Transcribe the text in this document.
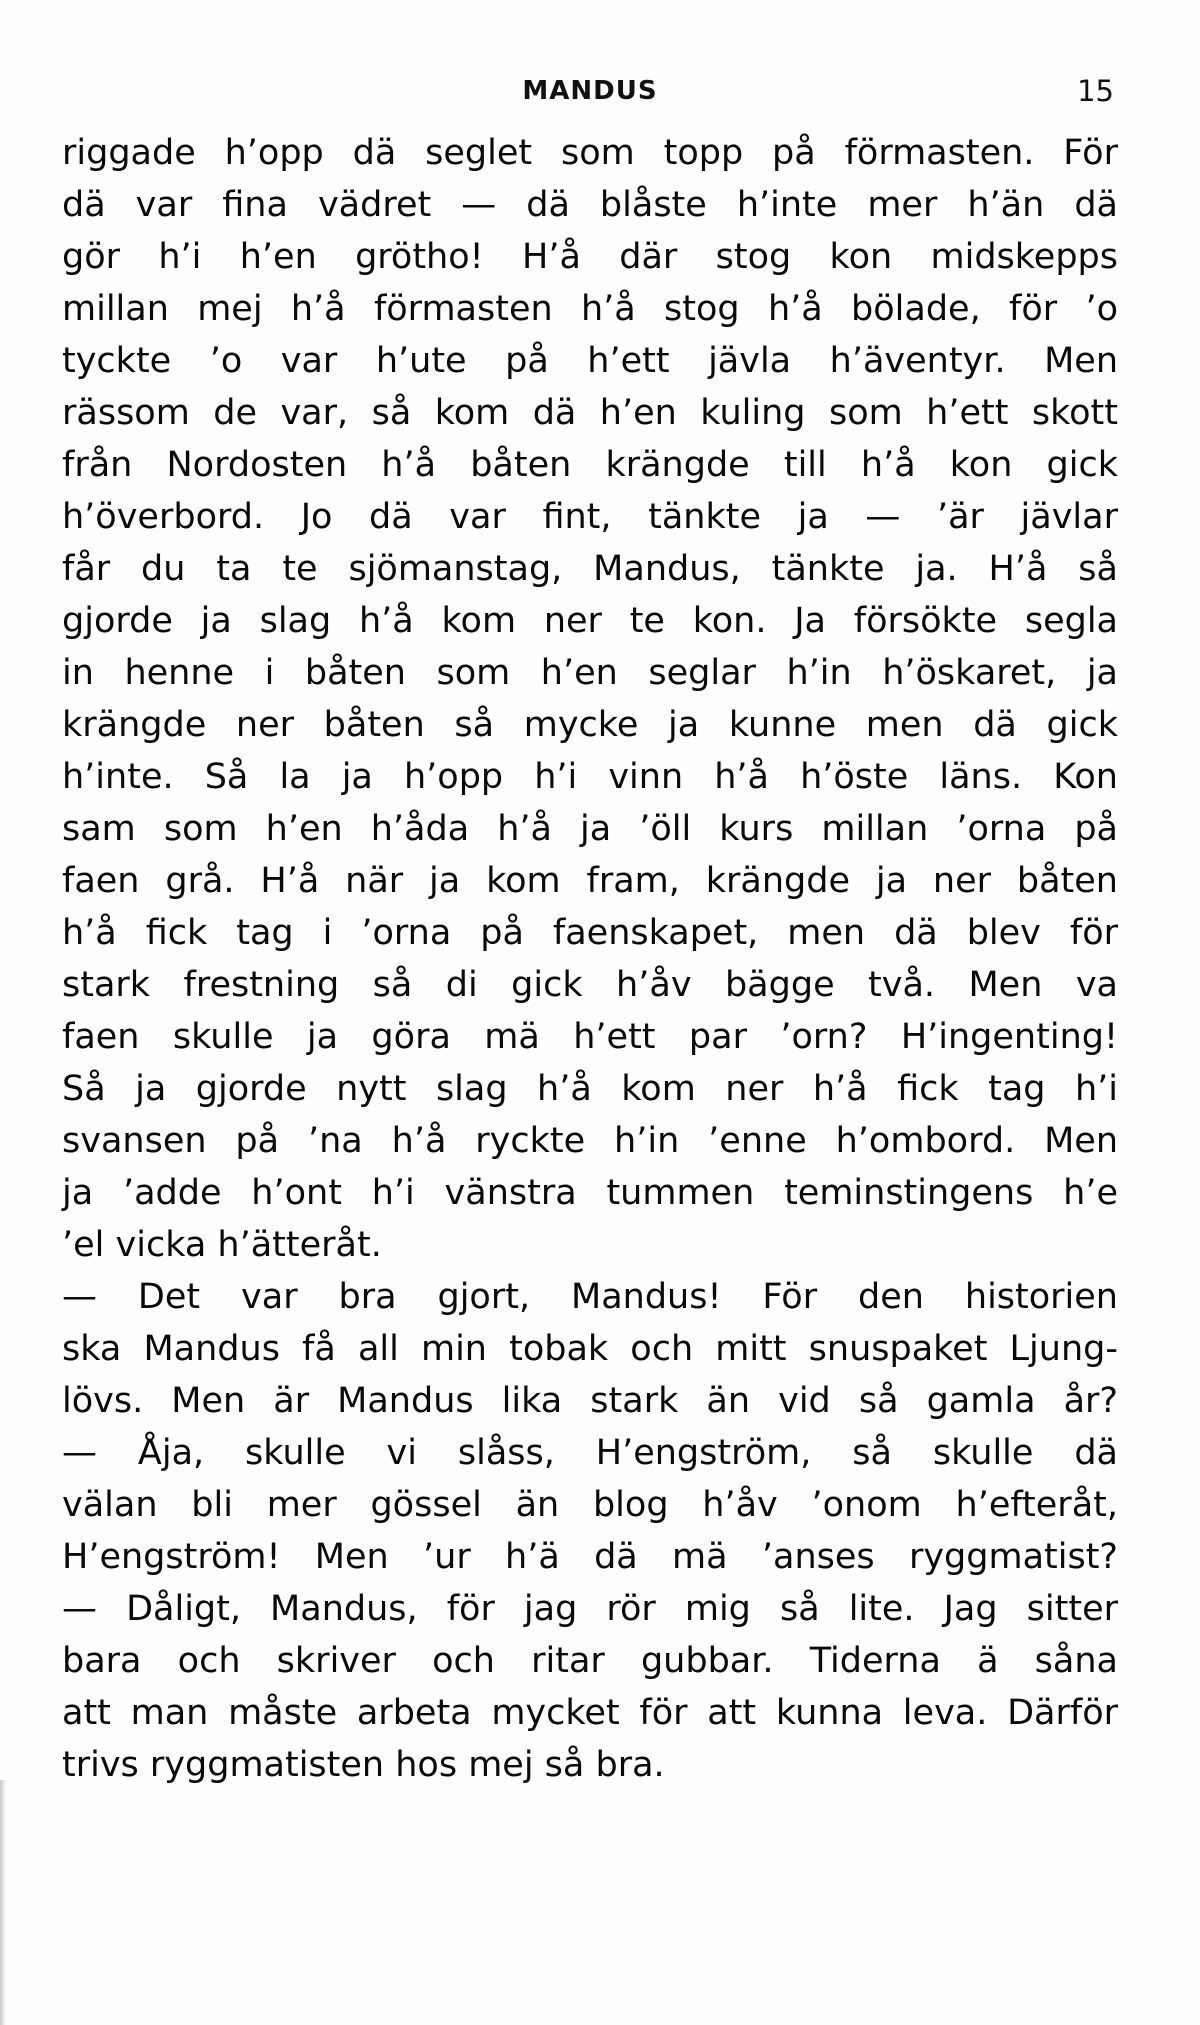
MANDUS	15
riggade h’opp dä seglet som topp på förmasten. För
dä var fina vädret — dä blåste h’inte mer h’än dä
gör h’i h’en grötho! H’å där stog kon midskepps
millan mej h’å förmasten h’å stog h’å bölade, för ’o
tyckte ’o var h’ute på h’ett jävla h’äventyr. Men
rässom de var, så kom dä h’en kuling som h’ett skott
från Nordosten h’å båten krängde till h’å kon gick
h’överbord. Jo dä var fint, tänkte ja — ’är jävlar
får du ta te sjömanstag, Mandus, tänkte ja. H’å så
gjorde ja slag h’å kom ner te kon. Ja försökte segla
in henne i båten som h’en seglar h’in h’öskaret, ja
krängde ner båten så mycke ja kunne men dä gick
h’inte. Så la ja h’opp h’i vinn h’å h’öste läns. Kon
sam som h’en h’åda h’å ja ’öll kurs millan ’orna på
faen grå. H’å när ja kom fram, krängde ja ner båten
h’å fick tag i ’orna på faenskapet, men dä blev för
stark frestning så di gick h’åv bägge två. Men va
faen skulle ja göra mä h’ett par ’orn? H’ingenting!
Så ja gjorde nytt slag h’å kom ner h’å fick tag h’i
svansen på ’na h’å ryckte h’in ’enne h’ombord. Men
ja ’adde h’ont h’i vänstra tummen teminstingens h’e
’el vicka h’ätteråt.
— Det var bra gjort, Mandus! För den historien
ska Mandus få all min tobak och mitt snuspaket Ljung-
lövs. Men är Mandus lika stark än vid så gamla år?
— Åja, skulle vi slåss, H’engström, så skulle dä
välan bli mer gössel än blog h’åv ’onom h’efteråt,
H’engström! Men ’ur h’ä dä mä ’anses ryggmatist?
— Dåligt, Mandus, för jag rör mig så lite. Jag sitter
bara och skriver och ritar gubbar. Tiderna ä såna
att man måste arbeta mycket för att kunna leva. Därför
trivs ryggmatisten hos mej så bra.
